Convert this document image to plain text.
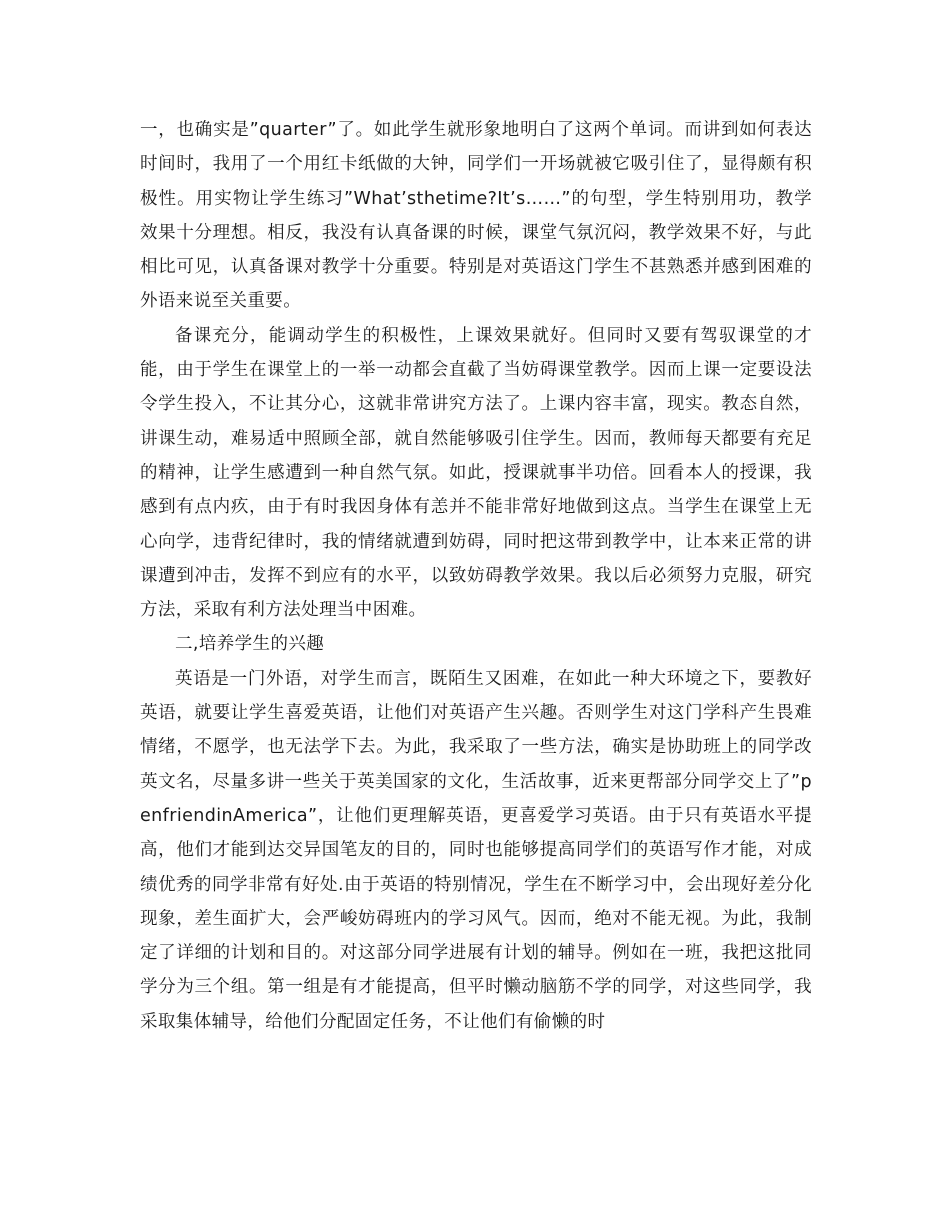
一，也确实是”quarter”了。如此学生就形象地明白了这两个单词。而讲到如何表达时间时，我用了一个用红卡纸做的大钟，同学们一开场就被它吸引住了，显得颇有积极性。用实物让学生练习”What’sthetime?It’s……”的句型，学生特别用功，教学效果十分理想。相反，我没有认真备课的时候，课堂气氛沉闷，教学效果不好，与此相比可见，认真备课对教学十分重要。特别是对英语这门学生不甚熟悉并感到困难的外语来说至关重要。

备课充分，能调动学生的积极性，上课效果就好。但同时又要有驾驭课堂的才能，由于学生在课堂上的一举一动都会直截了当妨碍课堂教学。因而上课一定要设法令学生投入，不让其分心，这就非常讲究方法了。上课内容丰富，现实。教态自然，讲课生动，难易适中照顾全部，就自然能够吸引住学生。因而，教师每天都要有充足的精神，让学生感遭到一种自然气氛。如此，授课就事半功倍。回看本人的授课，我感到有点内疚，由于有时我因身体有恙并不能非常好地做到这点。当学生在课堂上无心向学，违背纪律时，我的情绪就遭到妨碍，同时把这带到教学中，让本来正常的讲课遭到冲击，发挥不到应有的水平，以致妨碍教学效果。我以后必须努力克服，研究方法，采取有利方法处理当中困难。

二,培养学生的兴趣

英语是一门外语，对学生而言，既陌生又困难，在如此一种大环境之下，要教好英语，就要让学生喜爱英语，让他们对英语产生兴趣。否则学生对这门学科产生畏难情绪，不愿学，也无法学下去。为此，我采取了一些方法，确实是协助班上的同学改英文名，尽量多讲一些关于英美国家的文化，生活故事，近来更帮部分同学交上了”penfriendinAmerica”，让他们更理解英语，更喜爱学习英语。由于只有英语水平提高，他们才能到达交异国笔友的目的，同时也能够提高同学们的英语写作才能，对成绩优秀的同学非常有好处.由于英语的特别情况，学生在不断学习中，会出现好差分化现象，差生面扩大，会严峻妨碍班内的学习风气。因而，绝对不能无视。为此，我制定了详细的计划和目的。对这部分同学进展有计划的辅导。例如在一班，我把这批同学分为三个组。第一组是有才能提高，但平时懒动脑筋不学的同学，对这些同学，我采取集体辅导，给他们分配固定任务，不让他们有偷懒的时
